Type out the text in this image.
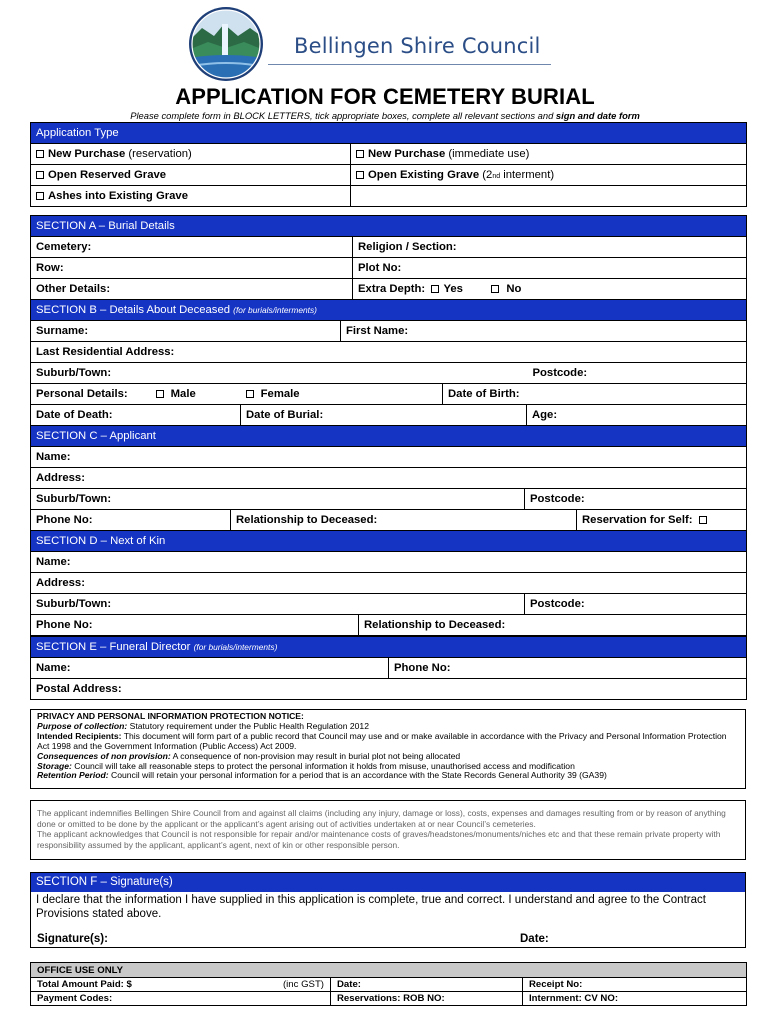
Bellingen Shire Council
APPLICATION FOR CEMETERY BURIAL
Please complete form in BLOCK LETTERS, tick appropriate boxes, complete all relevant sections and sign and date form
Application Type	
New Purchase (reservation)	New Purchase (immediate use)
Open Reserved Grave	Open Existing Grave (2nd interment)
Ashes into Existing Grave	
SECTION A – Burial Details	
Cemetery:	Religion / Section:
Row:	Plot No:
Other Details:	Extra Depth: Yes No
SECTION B – Details About Deceased (for burials/interments)					
Surname:			First Name:		
Last Residential Address:					
Suburb/Town:					Postcode:
Personal Details:	Male	Female		Date of Birth:	
Date of Death:		Date of Burial:			Age:
SECTION C – Applicant			
Name:			
Address:			
Suburb/Town:		Postcode:	
Phone No:	Relationship to Deceased:		Reservation for Self:
SECTION D – Next of Kin		
Name:		
Address:		
Suburb/Town:		Postcode:
Phone No:	Relationship to Deceased:	
SECTION E – Funeral Director (for burials/interments)
Name:	Phone No:
Postal Address:
PRIVACY AND PERSONAL INFORMATION PROTECTION NOTICE:
Purpose of collection: Statutory requirement under the Public Health Regulation 2012
Intended Recipients: This document will form part of a public record that Council may use and or make available in accordance with the Privacy and Personal Information Protection Act 1998 and the Government Information (Public Access) Act 2009.
Consequences of non provision: A consequence of non-provision may result in burial plot not being allocated
Storage: Council will take all reasonable steps to protect the personal information it holds from misuse, unauthorised access and modification
Retention Period: Council will retain your personal information for a period that is an accordance with the State Records General Authority 39 (GA39)
The applicant indemnifies Bellingen Shire Council from and against all claims (including any injury, damage or loss), costs, expenses and damages resulting from or by reason of anything done or omitted to be done by the applicant or the applicant’s agent arising out of activities undertaken at or near Council’s cemeteries.
The applicant acknowledges that Council is not responsible for repair and/or maintenance costs of graves/headstones/monuments/niches etc and that these remain private property with responsibility assumed by the applicant, applicant’s agent, next of kin or other responsible person.
SECTION F – Signature(s)
I declare that the information I have supplied in this application is complete, true and correct. I understand and agree to the Contract Provisions stated above.
Signature(s):	Date:
OFFICE USE ONLY			
Total Amount Paid: $	(inc GST)	Date:	Receipt No:
Payment Codes:		Reservations: ROB NO:	Internment: CV NO:
